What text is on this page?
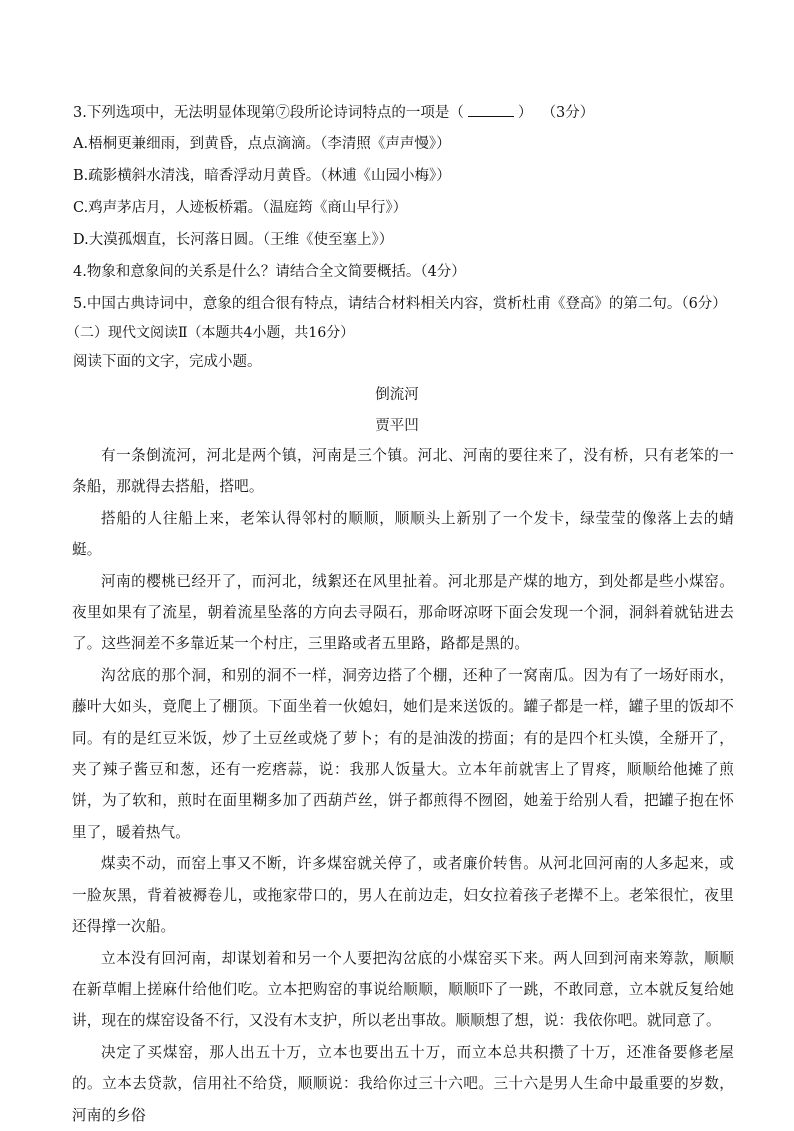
3.下列选项中，无法明显体现第⑦段所论诗词特点的一项是（	） （3分）
A.梧桐更兼细雨，到黄昏，点点滴滴。（李清照《声声慢》）
B.疏影横斜水清浅，暗香浮动月黄昏。（林逋《山园小梅》）
C.鸡声茅店月，人迹板桥霜。（温庭筠《商山早行》）
D.大漠孤烟直，长河落日圆。（王维《使至塞上》）
4.物象和意象间的关系是什么？请结合全文简要概括。（4分）
5.中国古典诗词中，意象的组合很有特点，请结合材料相关内容，赏析杜甫《登高》的第二句。（6分）
（二）现代文阅读Ⅱ（本题共4小题，共16分）
阅读下面的文字，完成小题。
倒流河
贾平凹

有一条倒流河，河北是两个镇，河南是三个镇。河北、河南的要往来了，没有桥，只有老笨的一条船，那就得去搭船，搭吧。

搭船的人往船上来，老笨认得邻村的顺顺，顺顺头上新别了一个发卡，绿莹莹的像落上去的蜻蜓。

河南的樱桃已经开了，而河北，绒絮还在风里扯着。河北那是产煤的地方，到处都是些小煤窑。夜里如果有了流星，朝着流星坠落的方向去寻陨石，那命呀凉呀下面会发现一个洞，洞斜着就钻进去了。这些洞差不多靠近某一个村庄，三里路或者五里路，路都是黑的。

沟岔底的那个洞，和别的洞不一样，洞旁边搭了个棚，还种了一窝南瓜。因为有了一场好雨水，藤叶大如头，竟爬上了棚顶。下面坐着一伙媳妇，她们是来送饭的。罐子都是一样，罐子里的饭却不同。有的是红豆米饭，炒了土豆丝或烧了萝卜；有的是油泼的捞面；有的是四个杠头馍，全掰开了，夹了辣子酱豆和葱，还有一疙瘩蒜，说：我那人饭量大。立本年前就害上了胃疼，顺顺给他摊了煎饼，为了软和，煎时在面里糊多加了西葫芦丝，饼子都煎得不囫囵，她羞于给别人看，把罐子抱在怀里了，暖着热气。

煤卖不动，而窑上事又不断，许多煤窑就关停了，或者廉价转售。从河北回河南的人多起来，或一脸灰黑，背着被褥卷儿，或拖家带口的，男人在前边走，妇女拉着孩子老撵不上。老笨很忙，夜里还得撑一次船。

立本没有回河南，却谋划着和另一个人要把沟岔底的小煤窑买下来。两人回到河南来筹款，顺顺在新草帽上搓麻什给他们吃。立本把购窑的事说给顺顺，顺顺吓了一跳，不敢同意，立本就反复给她讲，现在的煤窑设备不行，又没有木支护，所以老出事故。顺顺想了想，说：我依你吧。就同意了。

决定了买煤窑，那人出五十万，立本也要出五十万，而立本总共积攒了十万，还准备要修老屋的。立本去贷款，信用社不给贷，顺顺说：我给你过三十六吧。三十六是男人生命中最重要的岁数，河南的乡俗
